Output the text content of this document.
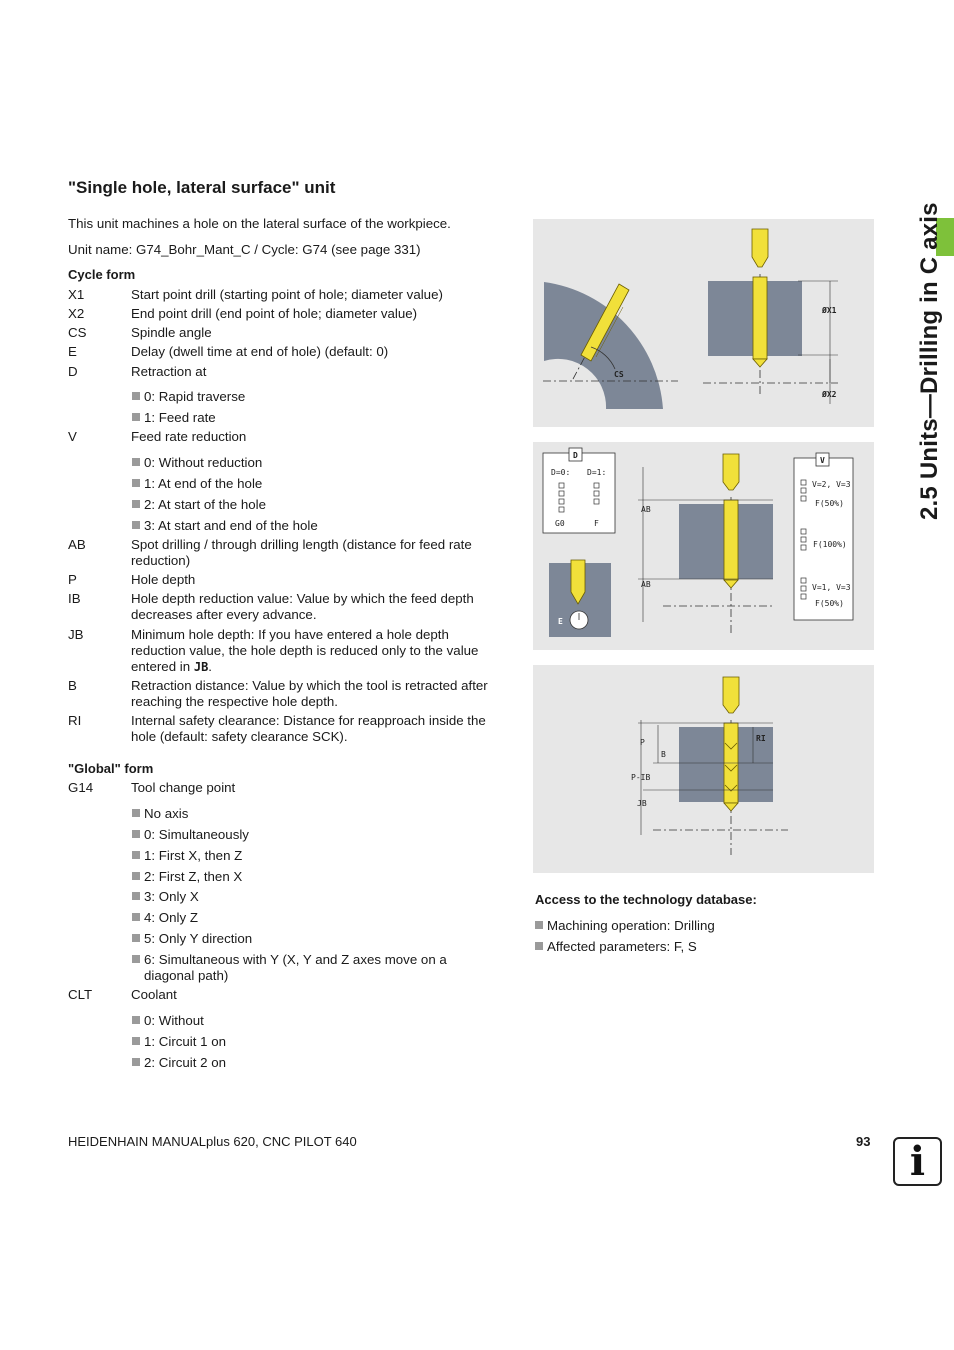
"Single hole, lateral surface" unit
This unit machines a hole on the lateral surface of the workpiece.
Unit name: G74_Bohr_Mant_C / Cycle: G74 (see page 331)
Cycle form
X1	Start point drill (starting point of hole; diameter value)
X2	End point drill (end point of hole; diameter value)
CS	Spindle angle
E	Delay (dwell time at end of hole) (default: 0)
D	Retraction at
0: Rapid traverse
1: Feed rate
V	Feed rate reduction
0: Without reduction
1: At end of the hole
2: At start of the hole
3: At start and end of the hole
AB	Spot drilling / through drilling length (distance for feed rate reduction)
P	Hole depth
IB	Hole depth reduction value: Value by which the feed depth decreases after every advance.
JB	Minimum hole depth: If you have entered a hole depth reduction value, the hole depth is reduced only to the value entered in JB.
B	Retraction distance: Value by which the tool is retracted after reaching the respective hole depth.
RI	Internal safety clearance: Distance for reapproach inside the hole (default: safety clearance SCK).
"Global" form
G14	Tool change point
No axis
0: Simultaneously
1: First X, then Z
2: First Z, then X
3: Only X
4: Only Z
5: Only Y direction
6: Simultaneous with Y (X, Y and Z axes move on a diagonal path)
CLT	Coolant
0: Without
1: Circuit 1 on
2: Circuit 2 on
CS
ØX1
ØX2
D
D=0: D=1:
G0	F
E
AB
AB
V
V=2, V=3
F(50%)
F(100%)
V=1, V=3
F(50%)
P
B
P-IB
JB
RI
Access to the technology database:
Machining operation: Drilling
Affected parameters: F, S
2.5 Units—Drilling in C axis
HEIDENHAIN MANUALplus 620, CNC PILOT 640	93 i
